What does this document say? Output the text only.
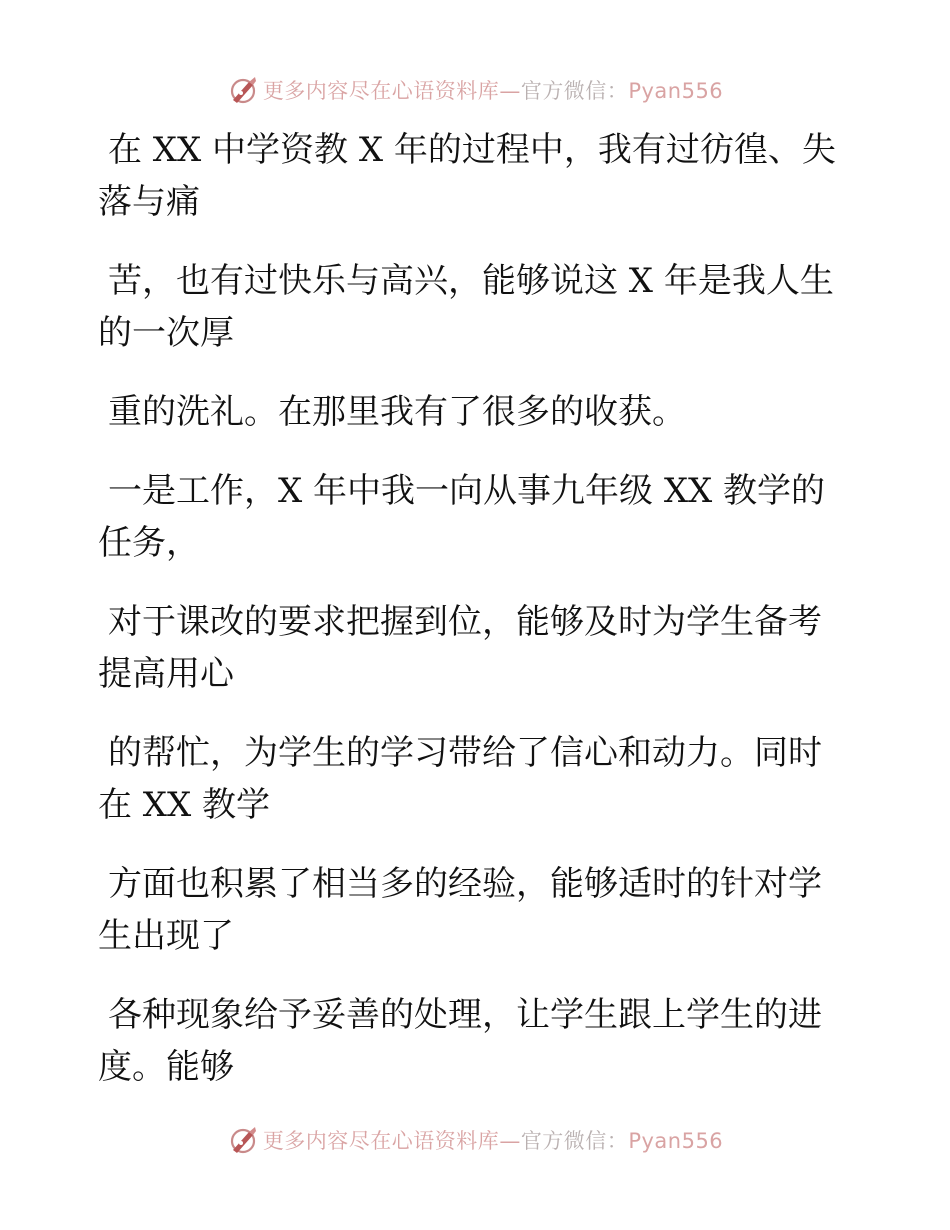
更多内容尽在心语资料库—官方微信：Pyan556

在 XX 中学资教 X 年的过程中，我有过彷徨、失
落与痛

苦，也有过快乐与高兴，能够说这 X 年是我人生
的一次厚

重的洗礼。在那里我有了很多的收获。

一是工作，X 年中我一向从事九年级 XX 教学的
任务，

对于课改的要求把握到位，能够及时为学生备考
提高用心

的帮忙，为学生的学习带给了信心和动力。同时
在 XX 教学

方面也积累了相当多的经验，能够适时的针对学
生出现了

各种现象给予妥善的处理，让学生跟上学生的进
度。能够

更多内容尽在心语资料库—官方微信：Pyan556
